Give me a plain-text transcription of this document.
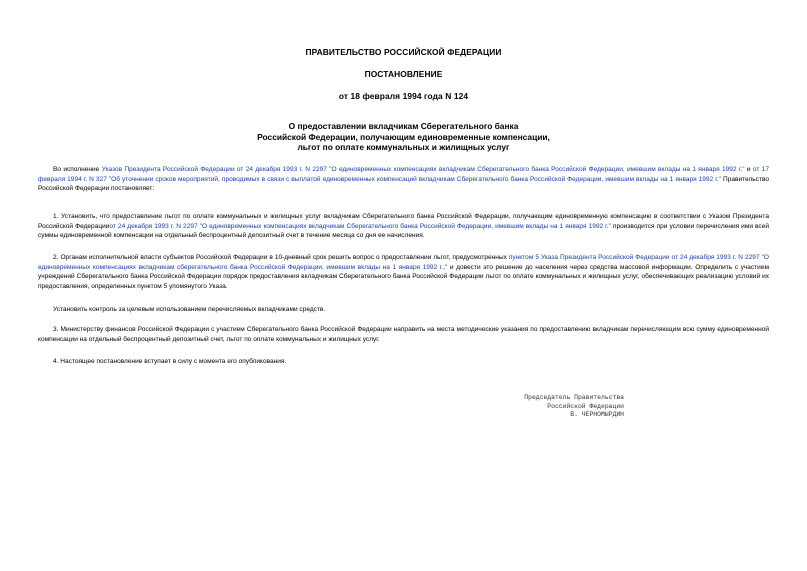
ПРАВИТЕЛЬСТВО РОССИЙСКОЙ ФЕДЕРАЦИИ
ПОСТАНОВЛЕНИЕ
от 18 февраля 1994 года N 124
О предоставлении вкладчикам Сберегательного банка
Российской Федерации, получающим единовременные компенсации,
льгот по оплате коммунальных и жилищных услуг
Во исполнение Указов Президента Российской Федерации от 24 декабря 1993 г. N 2297 "О единовременных компенсациях вкладчикам Сберегательного банка Российской Федерации, имевшим вклады на 1 января 1992 г." и от 17 февраля 1994 г. N 327 "Об уточнении сроков мероприятий, проводимых в связи с выплатой единовременных компенсаций вкладчикам Сберегательного банка Российской Федерации, имевшим вклады на 1 января 1992 г." Правительство Российской Федерации постановляет:
1. Установить, что предоставление льгот по оплате коммунальных и жилищных услуг вкладчикам Сберегательного банка Российской Федерации, получающим единовременную компенсацию в соответствии с Указом Президента Российской Федерацииот 24 декабря 1993 г. N 2297 "О единовременных компенсациях вкладчикам Сберегательного банка Российской Федерации, имевшим вклады на 1 января 1992 г." производится при условии перечисления ими всей суммы единовременной компенсации на отдельный беспроцентный депозитный счет в течение месяца со дня ее начисления.
2. Органам исполнительной власти субъектов Российской Федерации в 10-дневный срок решить вопрос о предоставлении льгот, предусмотренных пунктом 5 Указа Президента Российской Федерации от 24 декабря 1993 г. N 2297 "О единовременных компенсациях вкладчикам сберегательного банка Российской Федерации, имевшим вклады на 1 января 1992 г.," и довести это решение до населения через средства массовой информации. Определить с участием учреждений Сберегательного банка Российской Федерации порядок предоставления вкладчикам Сберегательного банка Российской Федерации льгот по оплате коммунальных и жилищных услуг, обеспечивающих реализацию условий их предоставления, определенных пунктом 5 упомянутого Указа.
Установить контроль за целевым использованием перечисляемых вкладчиками средств.
3. Министерству финансов Российской Федерации с участием Сберегательного банка Российской Федерации направить на места методические указания по предоставлению вкладчикам перечисляющим всю сумму единовременной компенсации на отдельный беспроцентный депозитный счет, льгот по оплате коммунальных и жилищных услуг.
4. Настоящее постановление вступает в силу с момента его опубликования.
Председатель Правительства
Российской Федерации
В. ЧЕРНОМЫРДИН
